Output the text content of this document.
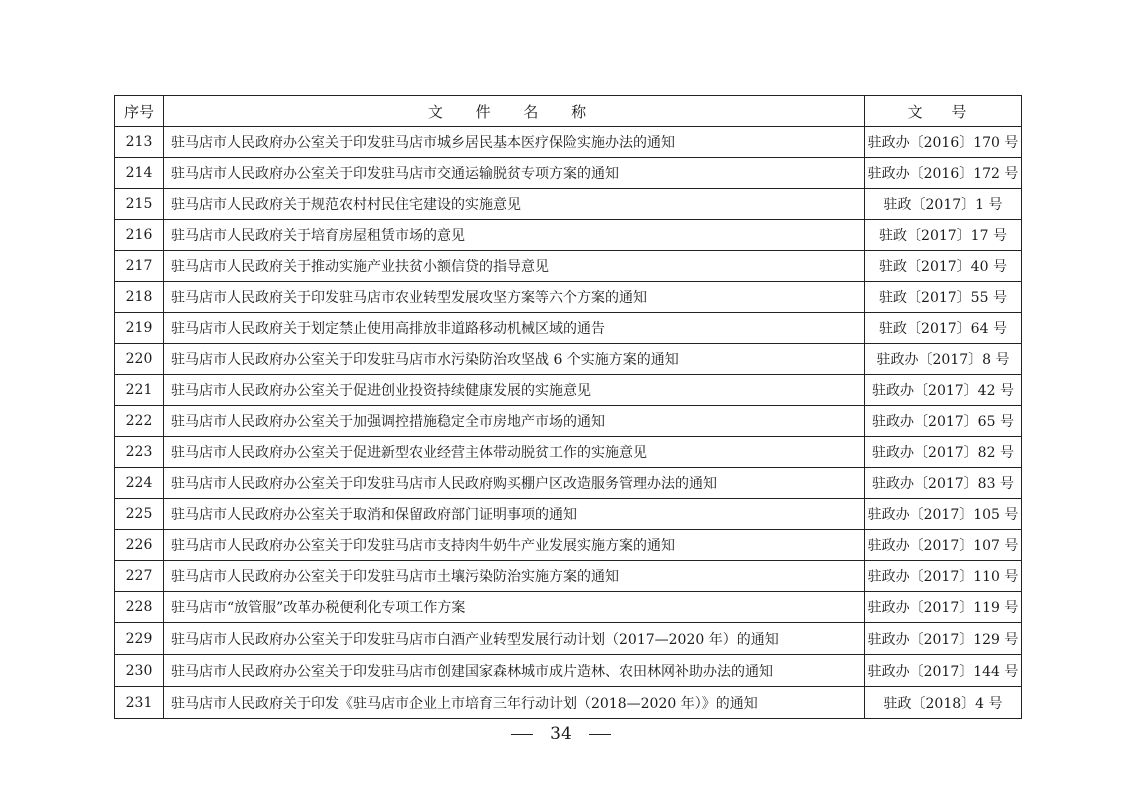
序号	文 件 名 称	文 号
213	驻马店市人民政府办公室关于印发驻马店市城乡居民基本医疗保险实施办法的通知	驻政办〔2016〕170 号
214	驻马店市人民政府办公室关于印发驻马店市交通运输脱贫专项方案的通知	驻政办〔2016〕172 号
215	驻马店市人民政府关于规范农村村民住宅建设的实施意见	驻政〔2017〕1 号
216	驻马店市人民政府关于培育房屋租赁市场的意见	驻政〔2017〕17 号
217	驻马店市人民政府关于推动实施产业扶贫小额信贷的指导意见	驻政〔2017〕40 号
218	驻马店市人民政府关于印发驻马店市农业转型发展攻坚方案等六个方案的通知	驻政〔2017〕55 号
219	驻马店市人民政府关于划定禁止使用高排放非道路移动机械区域的通告	驻政〔2017〕64 号
220	驻马店市人民政府办公室关于印发驻马店市水污染防治攻坚战 6 个实施方案的通知	驻政办〔2017〕8 号
221	驻马店市人民政府办公室关于促进创业投资持续健康发展的实施意见	驻政办〔2017〕42 号
222	驻马店市人民政府办公室关于加强调控措施稳定全市房地产市场的通知	驻政办〔2017〕65 号
223	驻马店市人民政府办公室关于促进新型农业经营主体带动脱贫工作的实施意见	驻政办〔2017〕82 号
224	驻马店市人民政府办公室关于印发驻马店市人民政府购买棚户区改造服务管理办法的通知	驻政办〔2017〕83 号
225	驻马店市人民政府办公室关于取消和保留政府部门证明事项的通知	驻政办〔2017〕105 号
226	驻马店市人民政府办公室关于印发驻马店市支持肉牛奶牛产业发展实施方案的通知	驻政办〔2017〕107 号
227	驻马店市人民政府办公室关于印发驻马店市土壤污染防治实施方案的通知	驻政办〔2017〕110 号
228	驻马店市“放管服”改革办税便利化专项工作方案	驻政办〔2017〕119 号
229	驻马店市人民政府办公室关于印发驻马店市白酒产业转型发展行动计划（2017—2020 年）的通知	驻政办〔2017〕129 号
230	驻马店市人民政府办公室关于印发驻马店市创建国家森林城市成片造林、农田林网补助办法的通知	驻政办〔2017〕144 号
231	驻马店市人民政府关于印发《驻马店市企业上市培育三年行动计划（2018—2020 年）》的通知	驻政〔2018〕4 号
34
